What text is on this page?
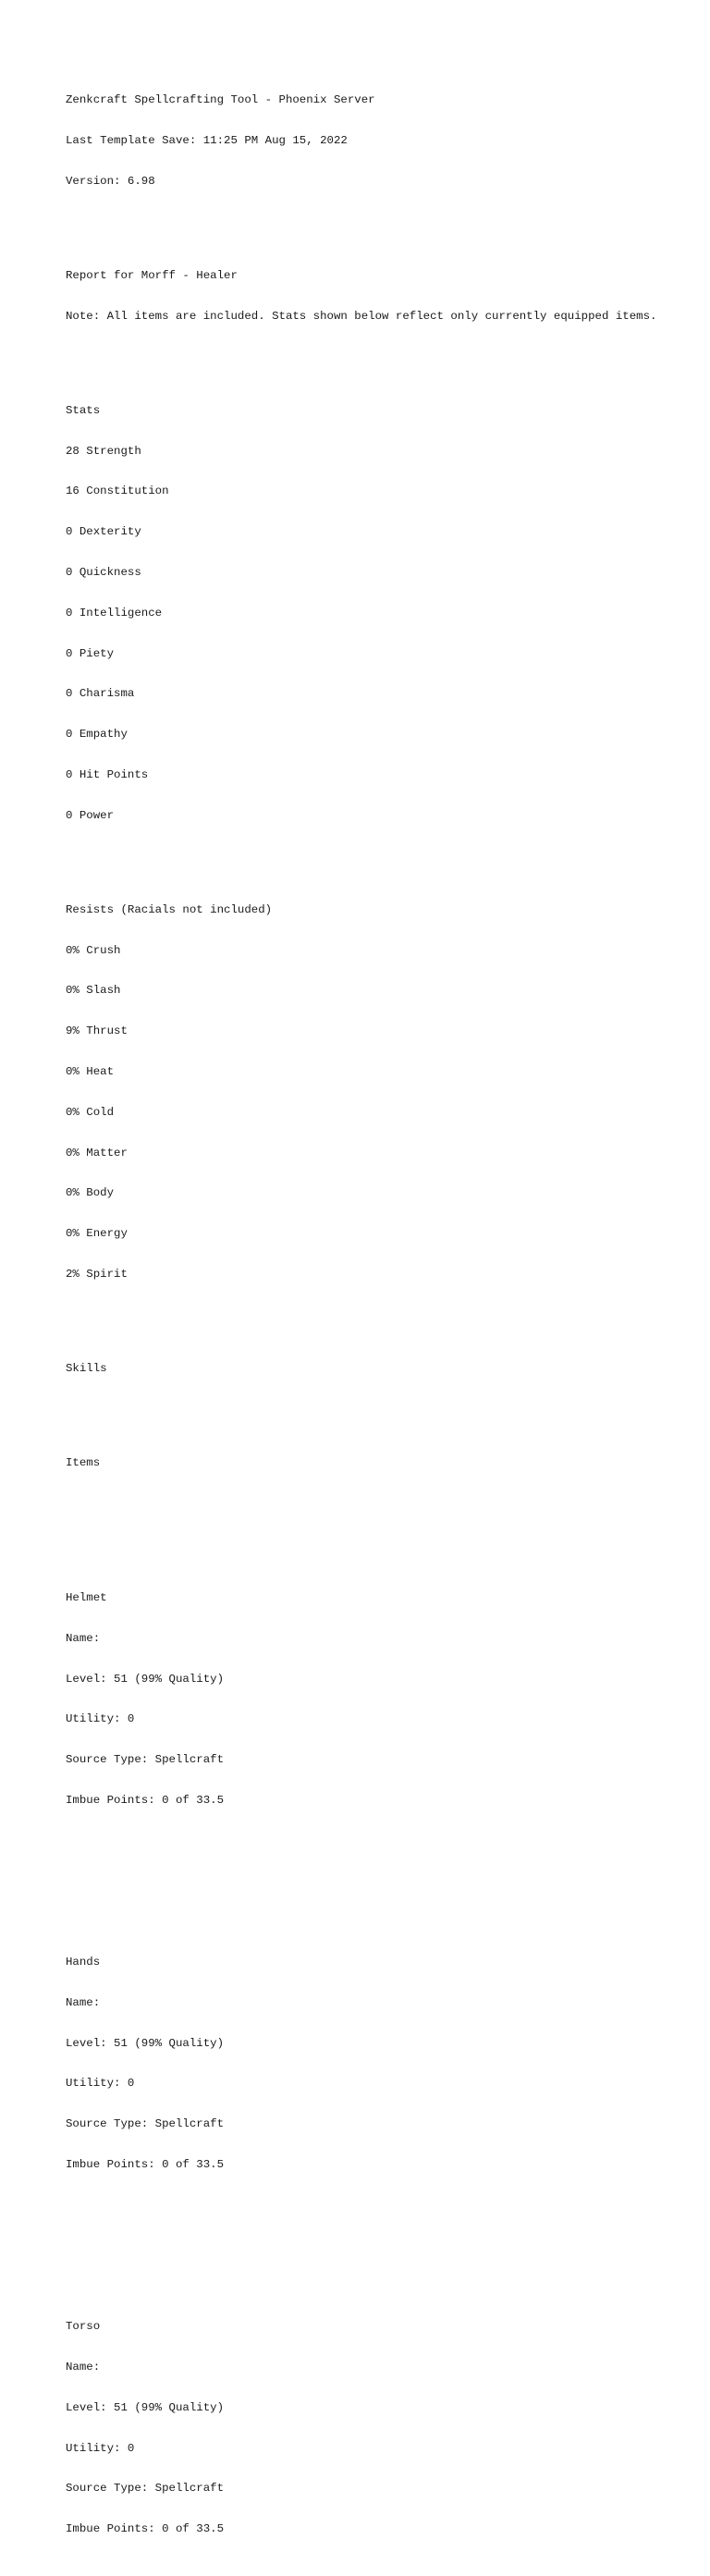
Zenkcraft Spellcrafting Tool - Phoenix Server

Last Template Save: 11:25 PM Aug 15, 2022

Version: 6.98

Report for Morff - Healer

Note: All items are included. Stats shown below reflect only currently equipped items.

Stats

28 Strength

16 Constitution

0 Dexterity

0 Quickness

0 Intelligence

0 Piety

0 Charisma

0 Empathy

0 Hit Points

0 Power

Resists (Racials not included)

0% Crush

0% Slash

9% Thrust

0% Heat

0% Cold

0% Matter

0% Body

0% Energy

2% Spirit

Skills

Items

Helmet

Name:

Level: 51 (99% Quality)

Utility: 0

Source Type: Spellcraft

Imbue Points: 0 of 33.5

Hands

Name:

Level: 51 (99% Quality)

Utility: 0

Source Type: Spellcraft

Imbue Points: 0 of 33.5

Torso

Name:

Level: 51 (99% Quality)

Utility: 0

Source Type: Spellcraft

Imbue Points: 0 of 33.5
